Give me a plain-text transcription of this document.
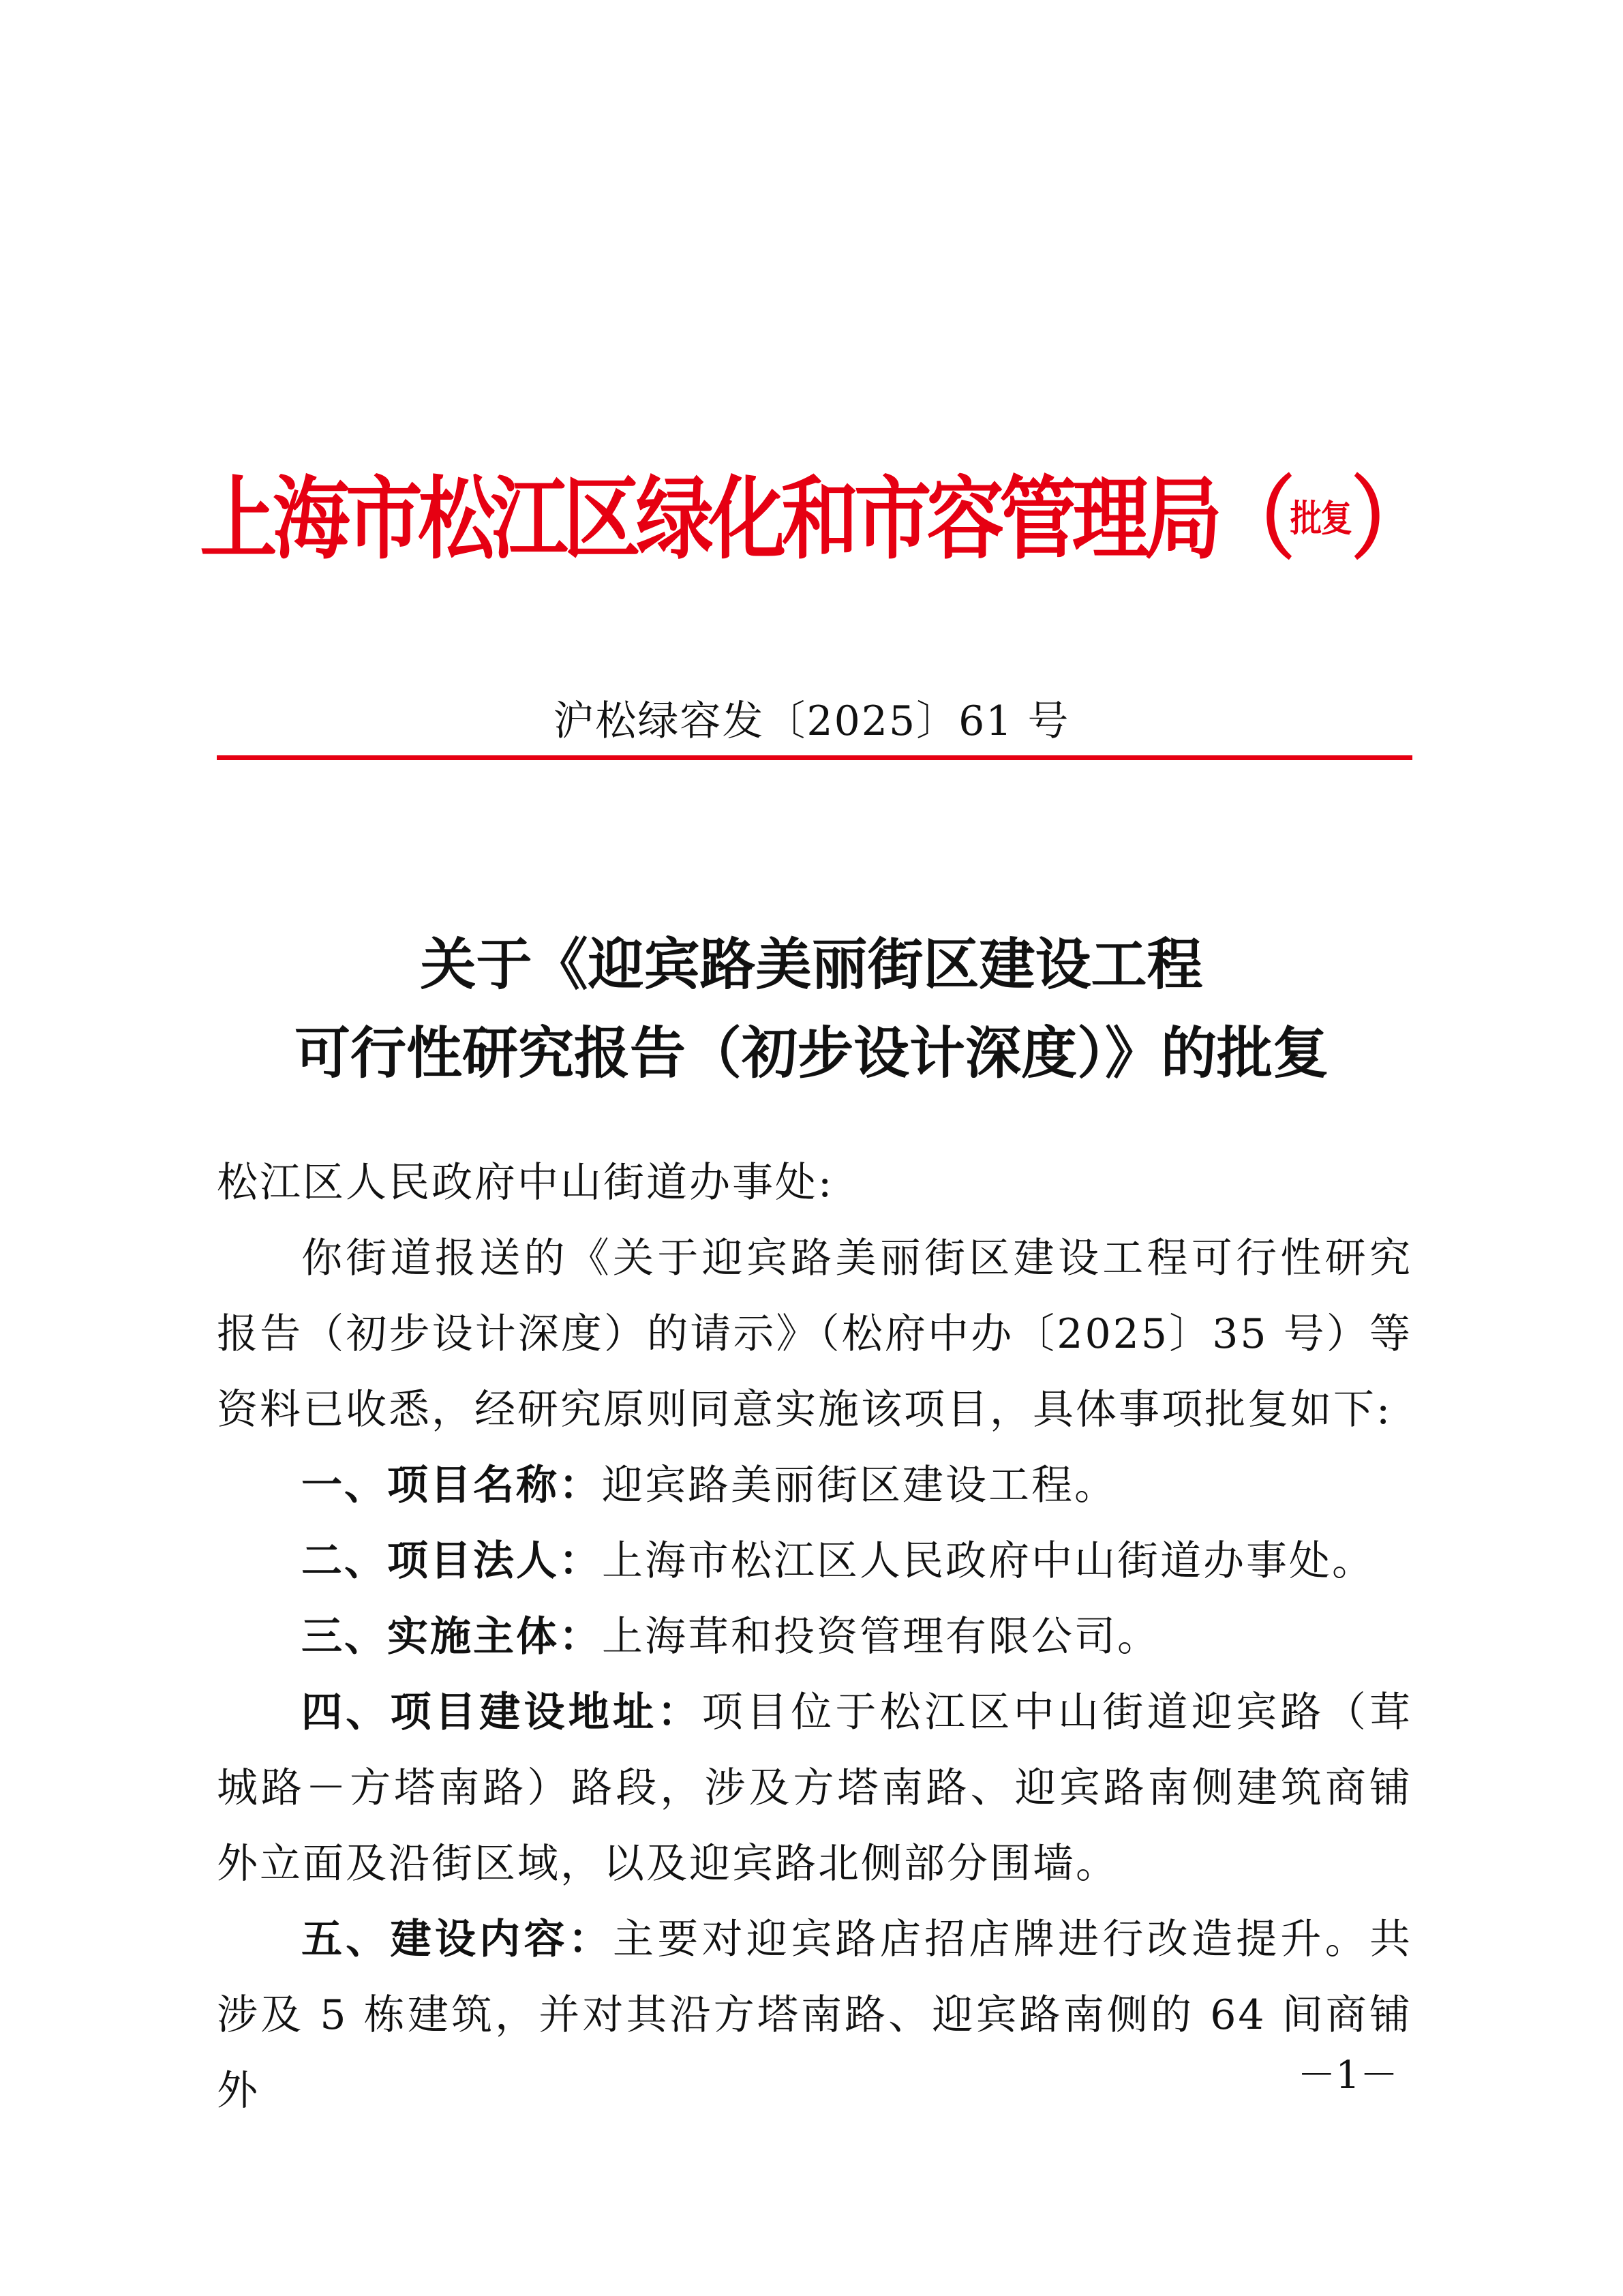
上海市松江区绿化和市容管理局（$^{批复}$）
沪松绿容发〔2025〕61 号
关于《迎宾路美丽街区建设工程
可行性研究报告（初步设计深度）》的批复

松江区人民政府中山街道办事处:

你街道报送的《关于迎宾路美丽街区建设工程可行性研究报告（初步设计深度）的请示》（松府中办〔2025〕35 号）等资料已收悉，经研究原则同意实施该项目，具体事项批复如下:

一、项目名称：迎宾路美丽街区建设工程。

二、项目法人：上海市松江区人民政府中山街道办事处。

三、实施主体：上海茸和投资管理有限公司。

四、项目建设地址：项目位于松江区中山街道迎宾路（茸城路－方塔南路）路段，涉及方塔南路、迎宾路南侧建筑商铺外立面及沿街区域，以及迎宾路北侧部分围墙。

五、建设内容：主要对迎宾路店招店牌进行改造提升。共涉及 5 栋建筑，并对其沿方塔南路、迎宾路南侧的 64 间商铺外	－1－
